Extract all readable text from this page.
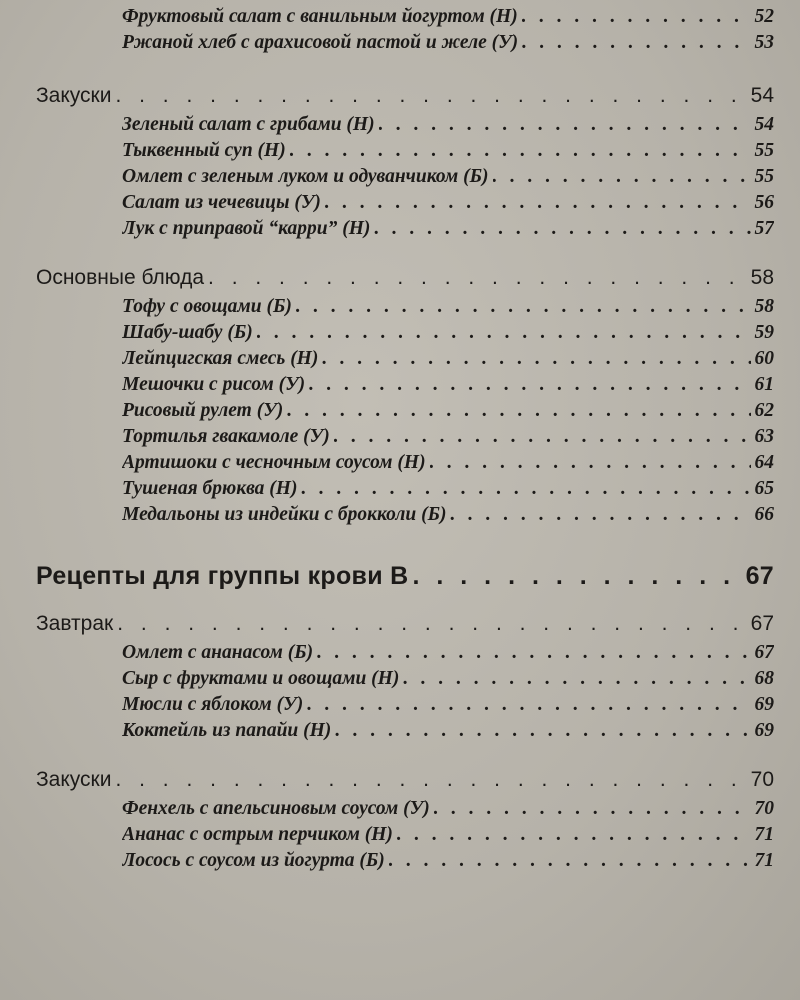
Фруктовый салат с ванильным йогуртом (Н) . . .	52
Ржаной хлеб с арахисовой пастой и желе (У) . . .	53
Закуски . . .	54
Зеленый салат с грибами (Н) . . .	54
Тыквенный суп (Н) . . .	55
Омлет с зеленым луком и одуванчиком (Б) . . .	55
Салат из чечевицы (У) . . .	56
Лук с приправой “карри” (Н) . . .	57
Основные блюда . . .	58
Тофу с овощами (Б) . . .	58
Шабу-шабу (Б) . . .	59
Лейпцигская смесь (Н) . . .	60
Мешочки с рисом (У) . . .	61
Рисовый рулет (У) . . .	62
Тортилья гвакамоле (У) . . .	63
Артишоки с чесночным соусом (Н) . . .	64
Тушеная брюква (Н) . . .	65
Медальоны из индейки с брокколи (Б) . . .	66
Рецепты для группы крови В . . .	67
Завтрак . . .	67
Омлет с ананасом (Б) . . .	67
Сыр с фруктами и овощами (Н) . . .	68
Мюсли с яблоком (У) . . .	69
Коктейль из папайи (Н) . . .	69
Закуски . . .	70
Фенхель с апельсиновым соусом (У) . . .	70
Ананас с острым перчиком (Н) . . .	71
Лосось с соусом из йогурта (Б) . . .	71
